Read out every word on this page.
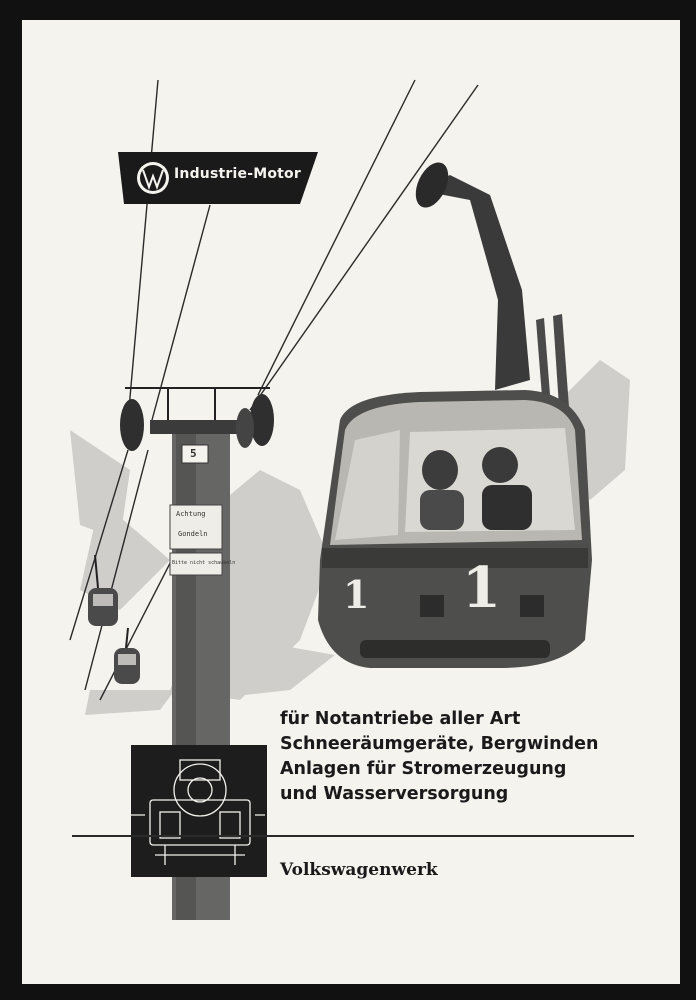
Industrie-Motor
5
Achtung
Gondeln
Bitte nicht schaukeln
1 1
für Notantriebe aller Art
Schneeräumgeräte, Bergwinden
Anlagen für Stromerzeugung
und Wasserversorgung
Volkswagenwerk
